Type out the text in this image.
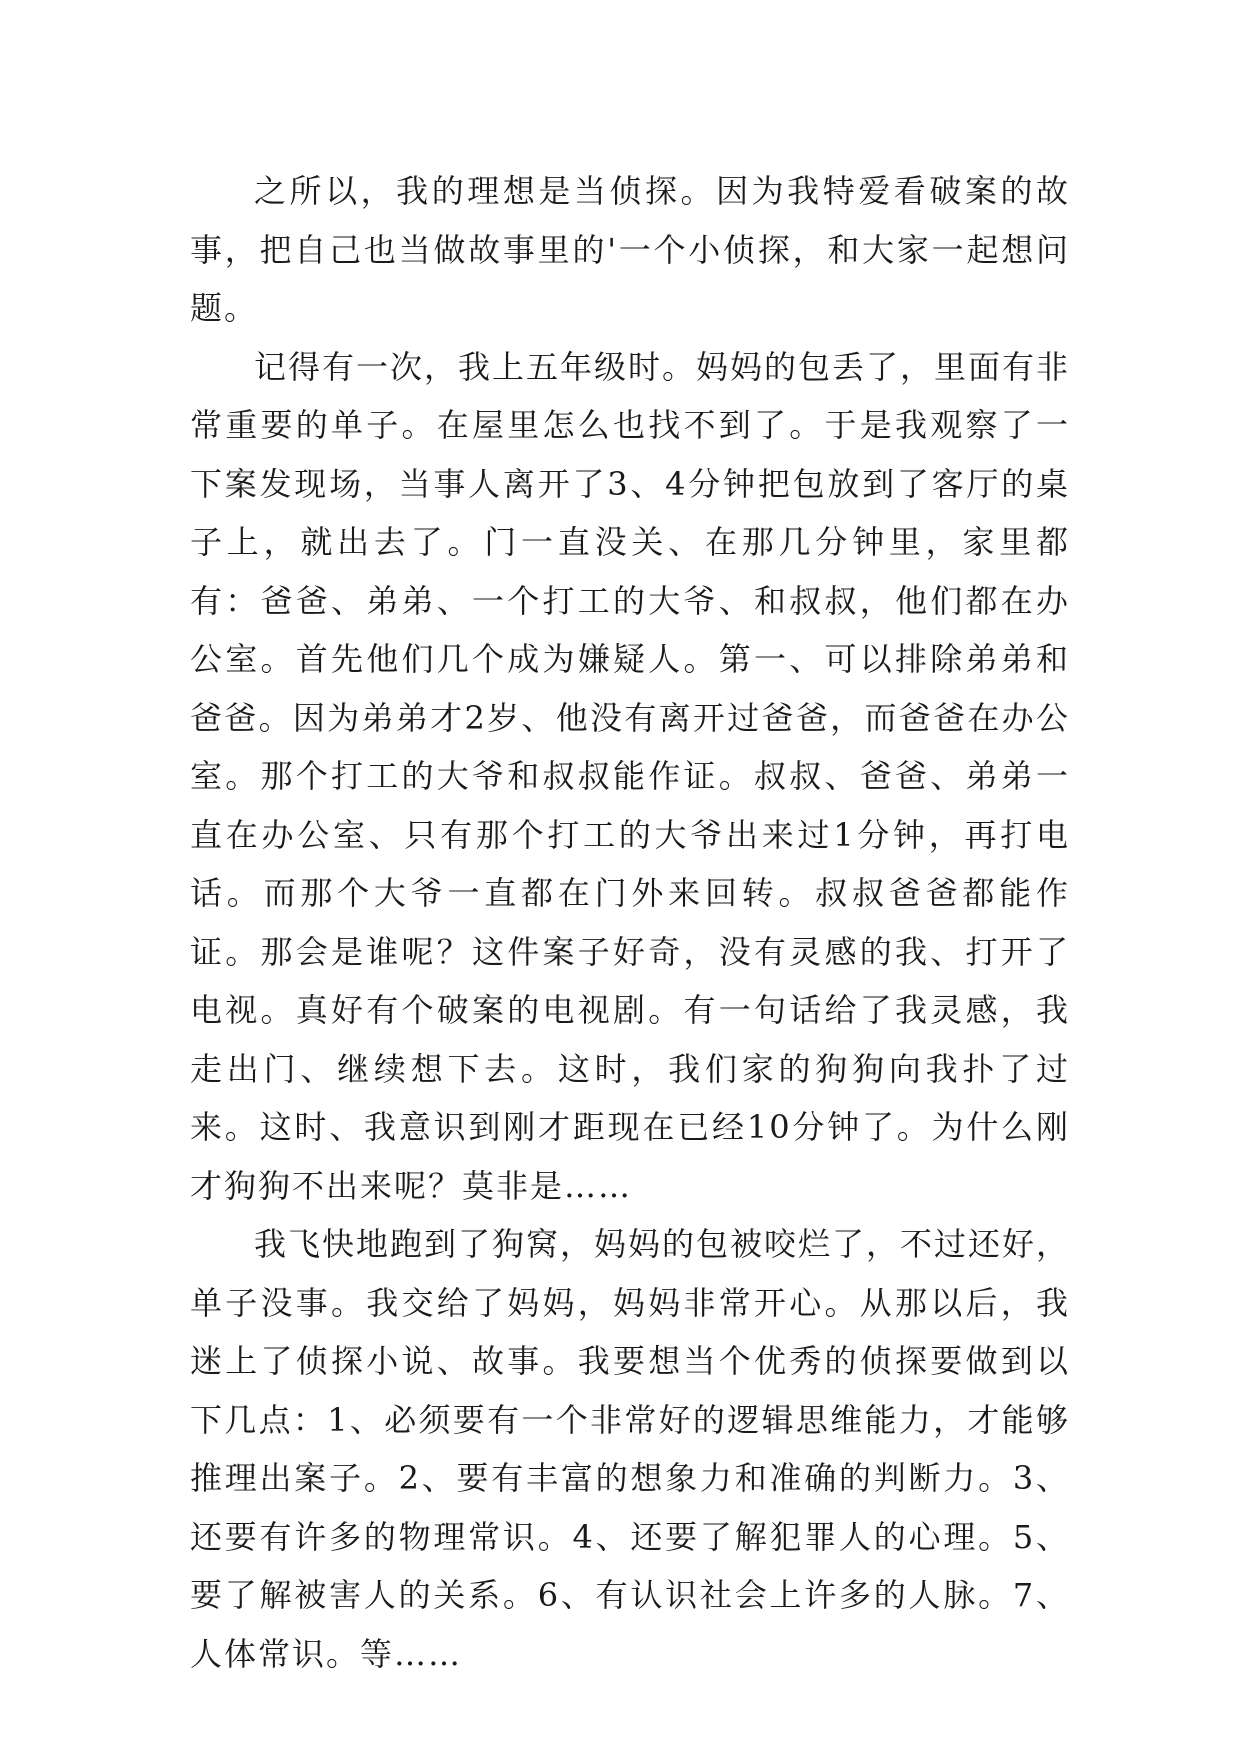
之所以，我的理想是当侦探。因为我特爱看破案的故事，把自己也当做故事里的'一个小侦探，和大家一起想问题。

记得有一次，我上五年级时。妈妈的包丢了，里面有非常重要的单子。在屋里怎么也找不到了。于是我观察了一下案发现场，当事人离开了3、4分钟把包放到了客厅的桌子上，就出去了。门一直没关、在那几分钟里，家里都有：爸爸、弟弟、一个打工的大爷、和叔叔，他们都在办公室。首先他们几个成为嫌疑人。第一、可以排除弟弟和爸爸。因为弟弟才2岁、他没有离开过爸爸，而爸爸在办公室。那个打工的大爷和叔叔能作证。叔叔、爸爸、弟弟一直在办公室、只有那个打工的大爷出来过1分钟，再打电话。而那个大爷一直都在门外来回转。叔叔爸爸都能作证。那会是谁呢？这件案子好奇，没有灵感的我、打开了电视。真好有个破案的电视剧。有一句话给了我灵感，我走出门、继续想下去。这时，我们家的狗狗向我扑了过来。这时、我意识到刚才距现在已经10分钟了。为什么刚才狗狗不出来呢？莫非是……

我飞快地跑到了狗窝，妈妈的包被咬烂了，不过还好，单子没事。我交给了妈妈，妈妈非常开心。从那以后，我迷上了侦探小说、故事。我要想当个优秀的侦探要做到以下几点：1、必须要有一个非常好的逻辑思维能力，才能够推理出案子。2、要有丰富的想象力和准确的判断力。3、还要有许多的物理常识。4、还要了解犯罪人的心理。5、要了解被害人的关系。6、有认识社会上许多的人脉。7、人体常识。等……
